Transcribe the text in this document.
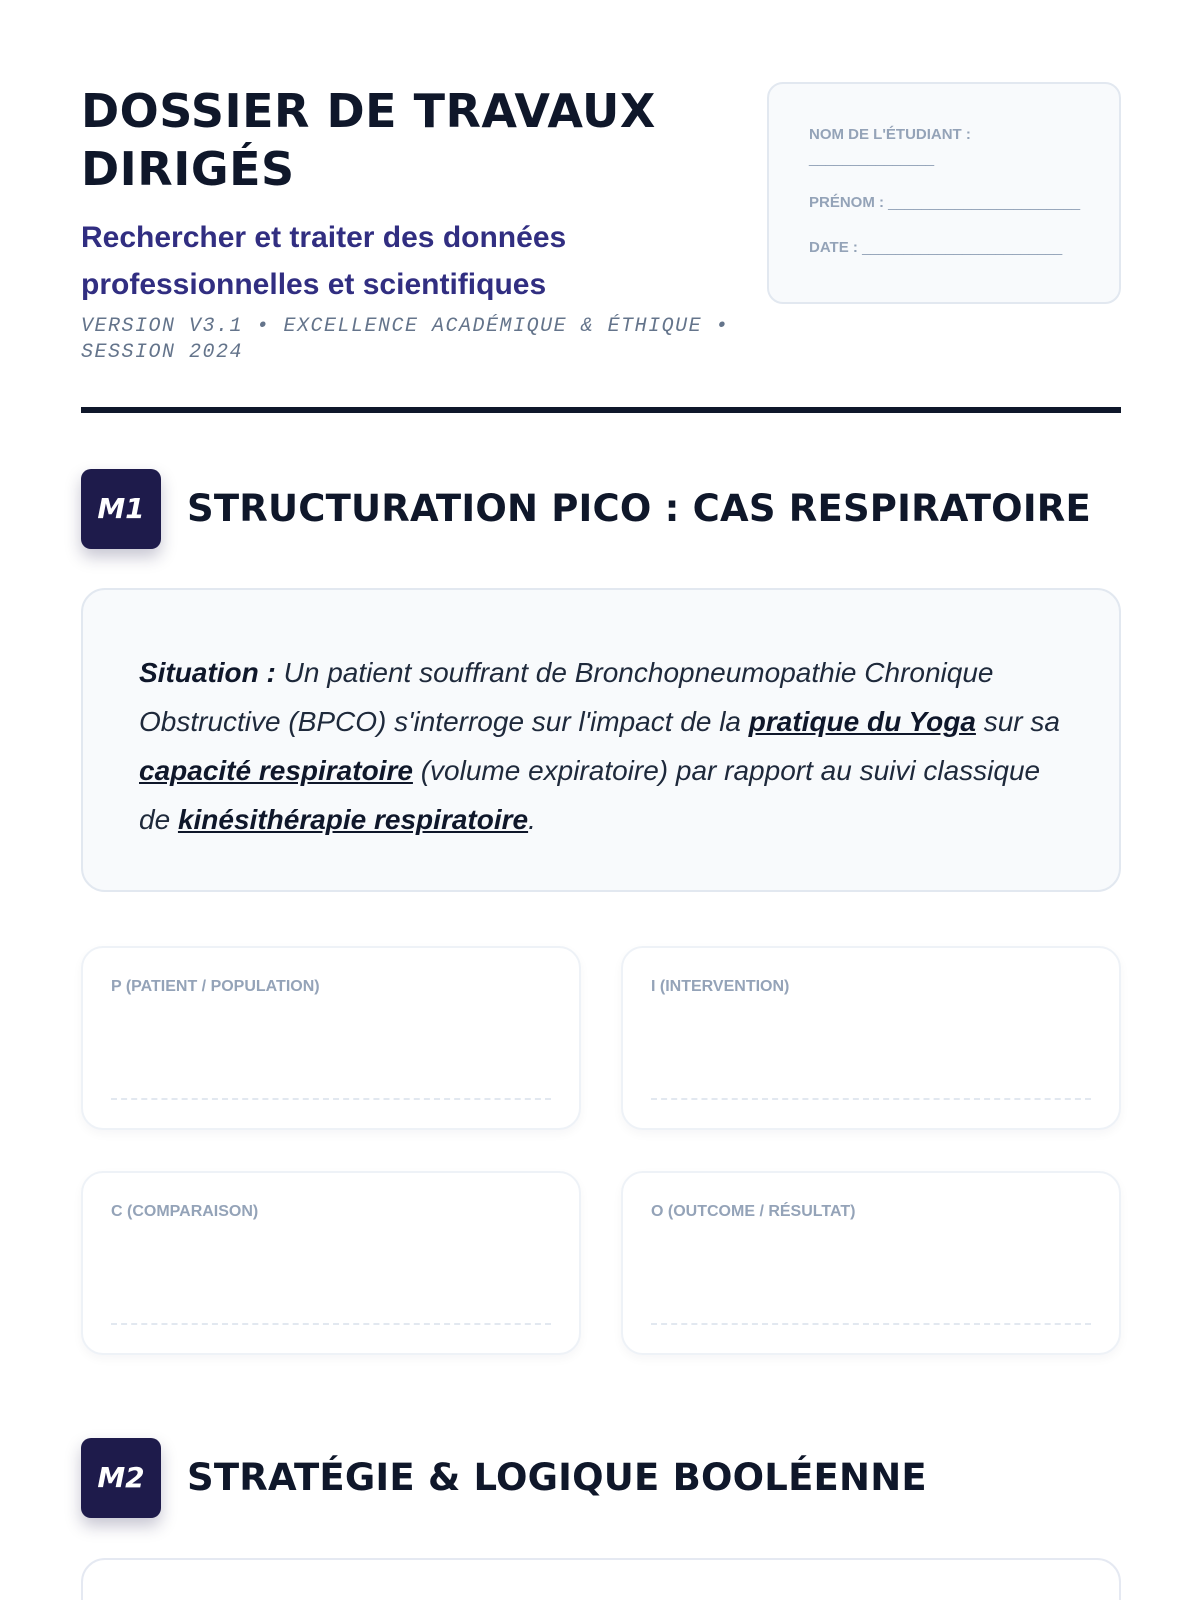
DOSSIER DE TRAVAUX DIRIGÉS
Rechercher et traiter des données professionnelles et scientifiques
VERSION V3.1 • EXCELLENCE ACADÉMIQUE & ÉTHIQUE • SESSION 2024
NOM DE L'ÉTUDIANT :
_______________
PRÉNOM : _______________________
DATE : ________________________
M1	STRUCTURATION PICO : CAS RESPIRATOIRE

Situation : Un patient souffrant de Bronchopneumopathie Chronique Obstructive (BPCO) s'interroge sur l'impact de la pratique du Yoga sur sa capacité respiratoire (volume expiratoire) par rapport au suivi classique de kinésithérapie respiratoire.

P (PATIENT / POPULATION)	I (INTERVENTION)
C (COMPARAISON)	O (OUTCOME / RÉSULTAT)
M2	STRATÉGIE & LOGIQUE BOOLÉENNE
